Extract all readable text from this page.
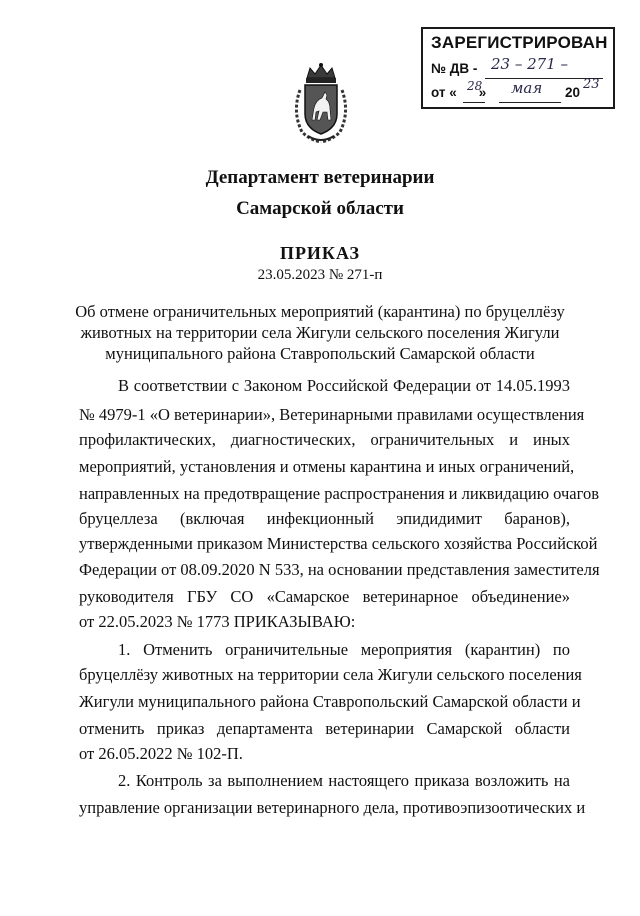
ЗАРЕГИСТРИРОВАН
№ ДВ - 23 – 271 –
от « »
28 мая 20
23
Департамент ветеринарии
Самарской области
ПРИКАЗ
23.05.2023 № 271-п
Об отмене ограничительных мероприятий (карантина) по бруцеллёзу
животных на территории села Жигули сельского поселения Жигули
муниципального района Ставропольский Самарской области
В соответствии с Законом Российской Федерации от 14.05.1993
№ 4979-1 «О ветеринарии», Ветеринарными правилами осуществления
профилактических, диагностических, ограничительных и иных
мероприятий, установления и отмены карантина и иных ограничений,
направленных на предотвращение распространения и ликвидацию очагов
бруцеллеза (включая инфекционный эпидидимит баранов),
утвержденными приказом Министерства сельского хозяйства Российской
Федерации от 08.09.2020 N 533, на основании представления заместителя
руководителя ГБУ СО «Самарское ветеринарное объединение»
от 22.05.2023 № 1773 ПРИКАЗЫВАЮ:
1. Отменить ограничительные мероприятия (карантин) по
бруцеллёзу животных на территории села Жигули сельского поселения
Жигули муниципального района Ставропольский Самарской области и
отменить приказ департамента ветеринарии Самарской области
от 26.05.2022 № 102-П.
2. Контроль за выполнением настоящего приказа возложить на
управление организации ветеринарного дела, противоэпизоотических и
